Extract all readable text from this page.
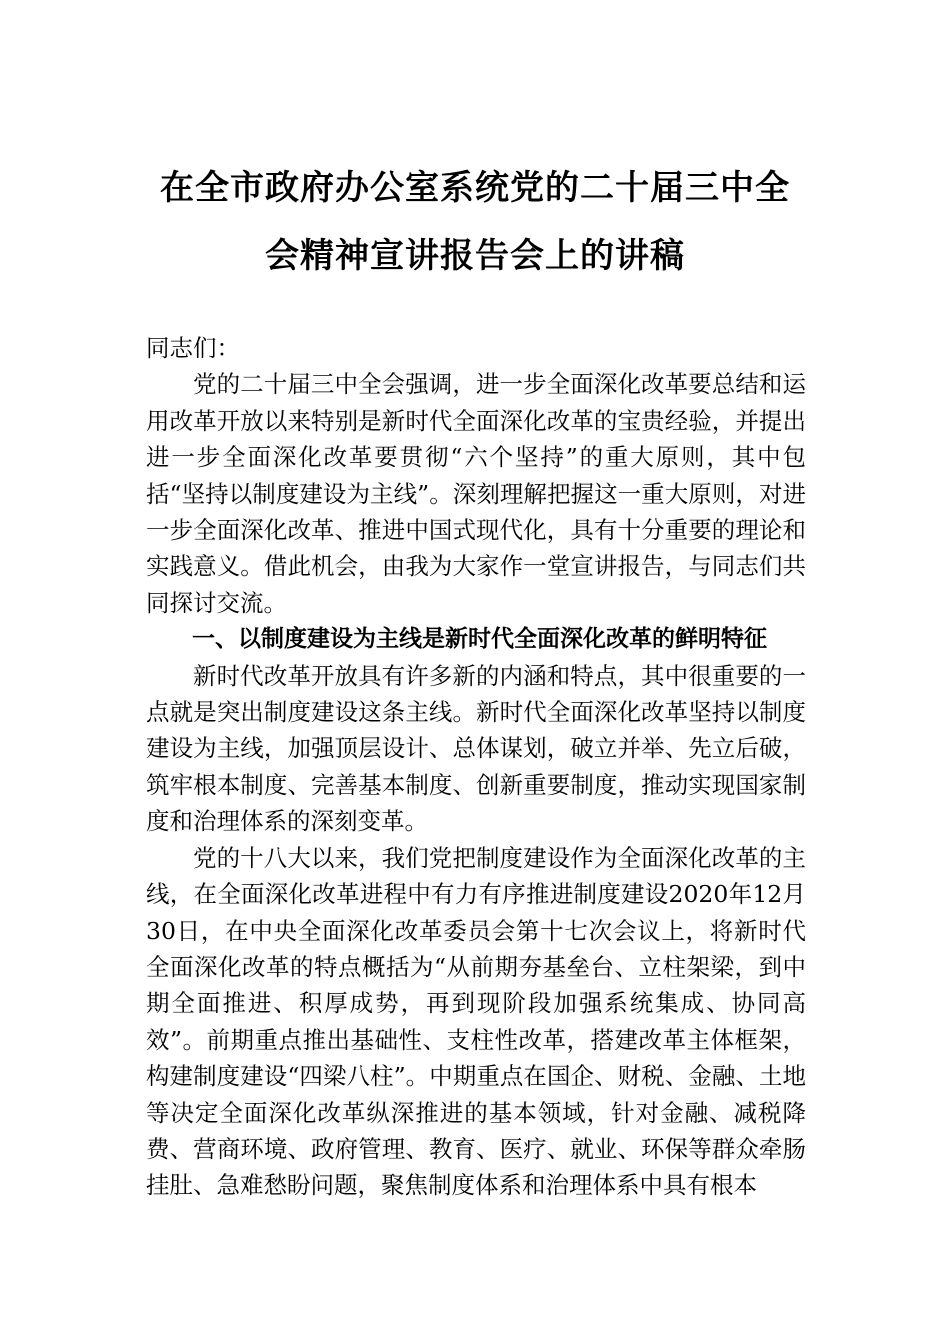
在全市政府办公室系统党的二十届三中全
会精神宣讲报告会上的讲稿

同志们：

党的二十届三中全会强调，进一步全面深化改革要总结和运用改革开放以来特别是新时代全面深化改革的宝贵经验，并提出进一步全面深化改革要贯彻“六个坚持”的重大原则，其中包括“坚持以制度建设为主线”。深刻理解把握这一重大原则，对进一步全面深化改革、推进中国式现代化，具有十分重要的理论和实践意义。借此机会，由我为大家作一堂宣讲报告，与同志们共同探讨交流。

一、以制度建设为主线是新时代全面深化改革的鲜明特征

新时代改革开放具有许多新的内涵和特点，其中很重要的一点就是突出制度建设这条主线。新时代全面深化改革坚持以制度建设为主线，加强顶层设计、总体谋划，破立并举、先立后破，筑牢根本制度、完善基本制度、创新重要制度，推动实现国家制度和治理体系的深刻变革。

党的十八大以来，我们党把制度建设作为全面深化改革的主线，在全面深化改革进程中有力有序推进制度建设2020年12月30日，在中央全面深化改革委员会第十七次会议上，将新时代全面深化改革的特点概括为“从前期夯基垒台、立柱架梁，到中期全面推进、积厚成势，再到现阶段加强系统集成、协同高效”。前期重点推出基础性、支柱性改革，搭建改革主体框架，构建制度建设“四梁八柱”。中期重点在国企、财税、金融、土地等决定全面深化改革纵深推进的基本领域，针对金融、减税降费、营商环境、政府管理、教育、医疗、就业、环保等群众牵肠挂肚、急难愁盼问题，聚焦制度体系和治理体系中具有根本
